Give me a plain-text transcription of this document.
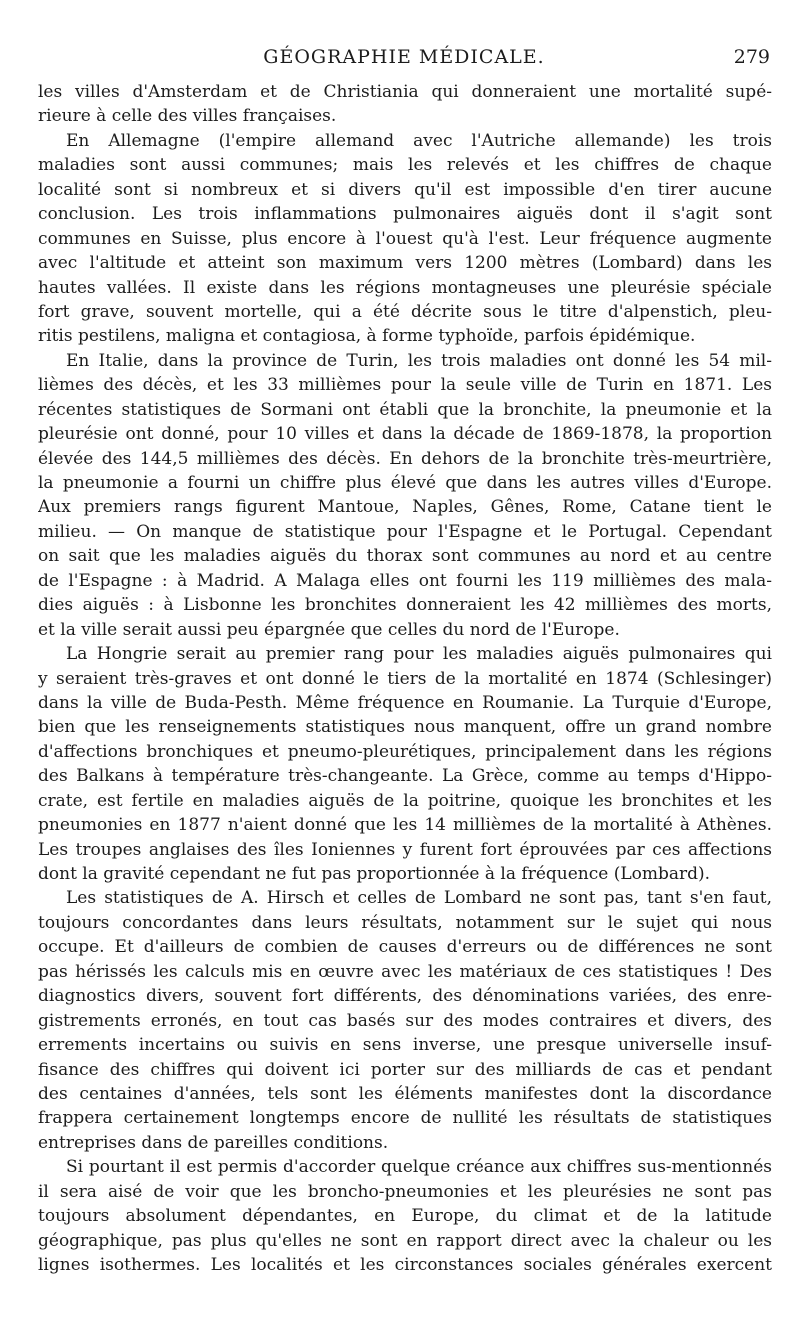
GÉOGRAPHIE MÉDICALE.	279
les villes d'Amsterdam et de Christiania qui donneraient une mortalité supé-
rieure à celle des villes françaises.
En Allemagne (l'empire allemand avec l'Autriche allemande) les trois
maladies sont aussi communes; mais les relevés et les chiffres de chaque
localité sont si nombreux et si divers qu'il est impossible d'en tirer aucune
conclusion. Les trois inflammations pulmonaires aiguës dont il s'agit sont
communes en Suisse, plus encore à l'ouest qu'à l'est. Leur fréquence augmente
avec l'altitude et atteint son maximum vers 1200 mètres (Lombard) dans les
hautes vallées. Il existe dans les régions montagneuses une pleurésie spéciale
fort grave, souvent mortelle, qui a été décrite sous le titre d'alpenstich, pleu-
ritis pestilens, maligna et contagiosa, à forme typhoïde, parfois épidémique.
En Italie, dans la province de Turin, les trois maladies ont donné les 54 mil-
lièmes des décès, et les 33 millièmes pour la seule ville de Turin en 1871. Les
récentes statistiques de Sormani ont établi que la bronchite, la pneumonie et la
pleurésie ont donné, pour 10 villes et dans la décade de 1869-1878, la proportion
élevée des 144,5 millièmes des décès. En dehors de la bronchite très-meurtrière,
la pneumonie a fourni un chiffre plus élevé que dans les autres villes d'Europe.
Aux premiers rangs figurent Mantoue, Naples, Gênes, Rome, Catane tient le
milieu. — On manque de statistique pour l'Espagne et le Portugal. Cependant
on sait que les maladies aiguës du thorax sont communes au nord et au centre
de l'Espagne : à Madrid. A Malaga elles ont fourni les 119 millièmes des mala-
dies aiguës : à Lisbonne les bronchites donneraient les 42 millièmes des morts,
et la ville serait aussi peu épargnée que celles du nord de l'Europe.
La Hongrie serait au premier rang pour les maladies aiguës pulmonaires qui
y seraient très-graves et ont donné le tiers de la mortalité en 1874 (Schlesinger)
dans la ville de Buda-Pesth. Même fréquence en Roumanie. La Turquie d'Europe,
bien que les renseignements statistiques nous manquent, offre un grand nombre
d'affections bronchiques et pneumo-pleurétiques, principalement dans les régions
des Balkans à température très-changeante. La Grèce, comme au temps d'Hippo-
crate, est fertile en maladies aiguës de la poitrine, quoique les bronchites et les
pneumonies en 1877 n'aient donné que les 14 millièmes de la mortalité à Athènes.
Les troupes anglaises des îles Ioniennes y furent fort éprouvées par ces affections
dont la gravité cependant ne fut pas proportionnée à la fréquence (Lombard).
Les statistiques de A. Hirsch et celles de Lombard ne sont pas, tant s'en faut,
toujours concordantes dans leurs résultats, notamment sur le sujet qui nous
occupe. Et d'ailleurs de combien de causes d'erreurs ou de différences ne sont
pas hérissés les calculs mis en œuvre avec les matériaux de ces statistiques ! Des
diagnostics divers, souvent fort différents, des dénominations variées, des enre-
gistrements erronés, en tout cas basés sur des modes contraires et divers, des
errements incertains ou suivis en sens inverse, une presque universelle insuf-
fisance des chiffres qui doivent ici porter sur des milliards de cas et pendant
des centaines d'années, tels sont les éléments manifestes dont la discordance
frappera certainement longtemps encore de nullité les résultats de statistiques
entreprises dans de pareilles conditions.
Si pourtant il est permis d'accorder quelque créance aux chiffres sus-mentionnés
il sera aisé de voir que les broncho-pneumonies et les pleurésies ne sont pas
toujours absolument dépendantes, en Europe, du climat et de la latitude
géographique, pas plus qu'elles ne sont en rapport direct avec la chaleur ou les
lignes isothermes. Les localités et les circonstances sociales générales exercent
